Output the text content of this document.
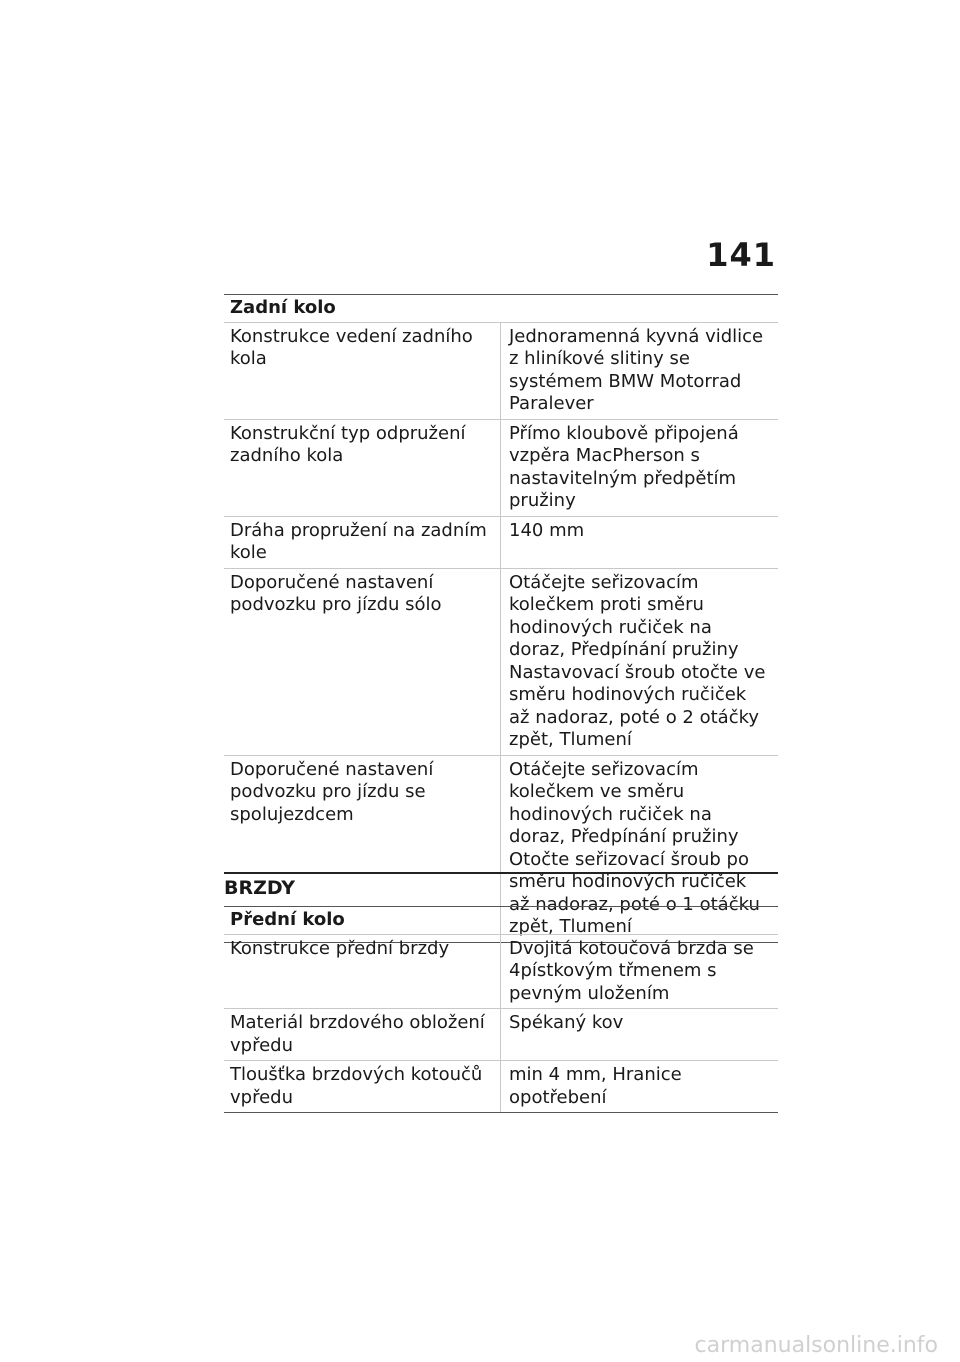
141
Zadní kolo
Konstrukce vedení zadního kola
Jednoramenná kyvná vidlice z hliníkové slitiny se systémem BMW Motorrad Paralever
Konstrukční typ odpružení zadního kola
Přímo kloubově připojená vzpěra MacPherson s nastavitelným předpětím pružiny
Dráha propružení na zadním kole
140 mm
Doporučené nastavení podvozku pro jízdu sólo
Otáčejte seřizovacím kolečkem proti směru hodinových ručiček na doraz, Předpínání pružiny
Nastavovací šroub otočte ve směru hodinových ručiček až nadoraz, poté o 2 otáčky zpět, Tlumení
Doporučené nastavení podvozku pro jízdu se spolujezdcem
Otáčejte seřizovacím kolečkem ve směru hodinových ručiček na doraz, Předpínání pružiny
Otočte seřizovací šroub po směru hodinových ručiček až nadoraz, poté o 1 otáčku zpět, Tlumení
BRZDY
Přední kolo
Konstrukce přední brzdy	Dvojitá kotoučová brzda se 4pístkovým třmenem s pevným uložením
Materiál brzdového obložení vpředu
Spékaný kov
Tloušťka brzdových kotoučů vpředu
min 4 mm, Hranice opotřebení
carmanualsonline.info
